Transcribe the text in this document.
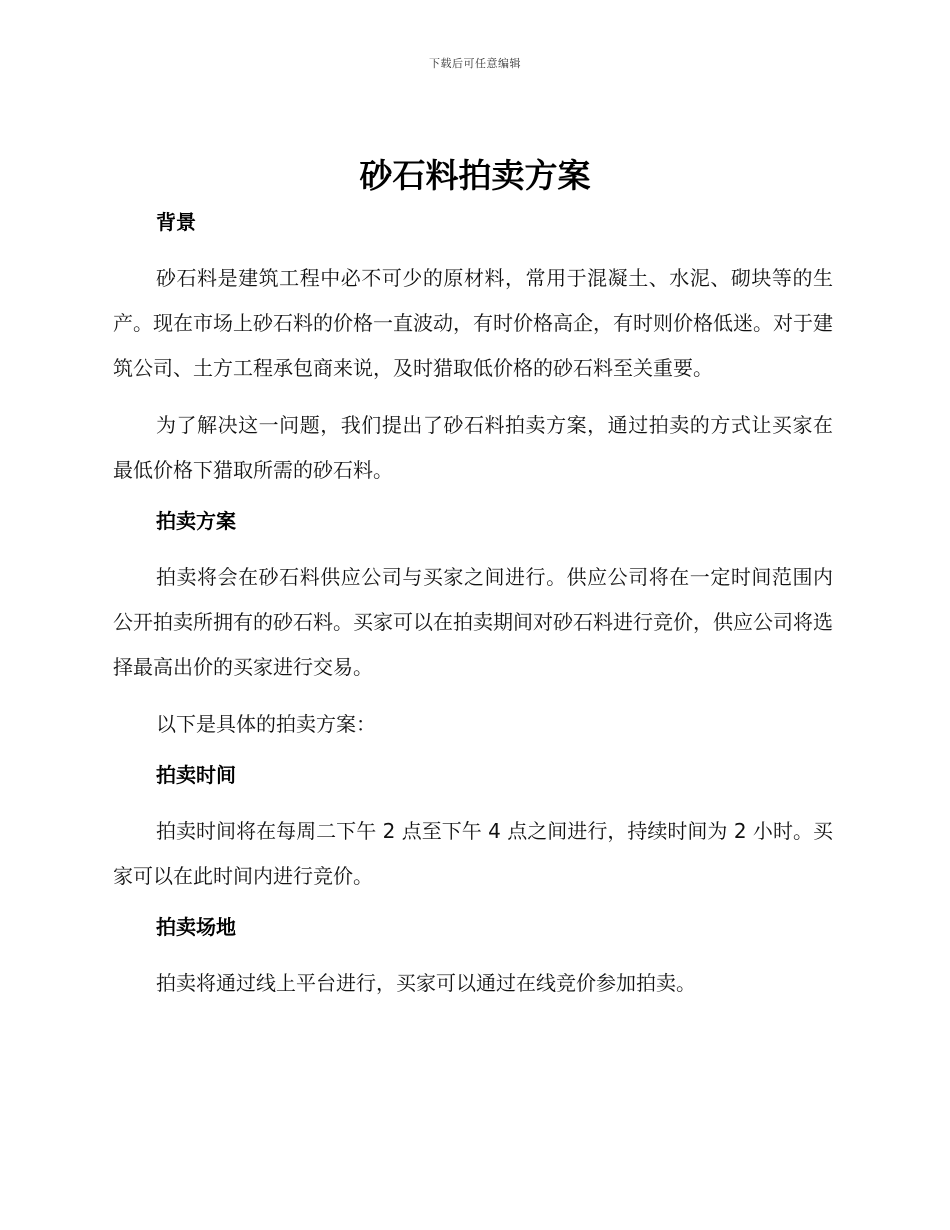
下载后可任意编辑
砂石料拍卖方案
背景

砂石料是建筑工程中必不可少的原材料，常用于混凝土、水泥、砌块等的生产。现在市场上砂石料的价格一直波动，有时价格高企，有时则价格低迷。对于建筑公司、土方工程承包商来说，及时猎取低价格的砂石料至关重要。

为了解决这一问题，我们提出了砂石料拍卖方案，通过拍卖的方式让买家在最低价格下猎取所需的砂石料。

拍卖方案

拍卖将会在砂石料供应公司与买家之间进行。供应公司将在一定时间范围内公开拍卖所拥有的砂石料。买家可以在拍卖期间对砂石料进行竞价，供应公司将选择最高出价的买家进行交易。

以下是具体的拍卖方案：

拍卖时间

拍卖时间将在每周二下午 2 点至下午 4 点之间进行，持续时间为 2 小时。买家可以在此时间内进行竞价。

拍卖场地

拍卖将通过线上平台进行，买家可以通过在线竞价参加拍卖。
